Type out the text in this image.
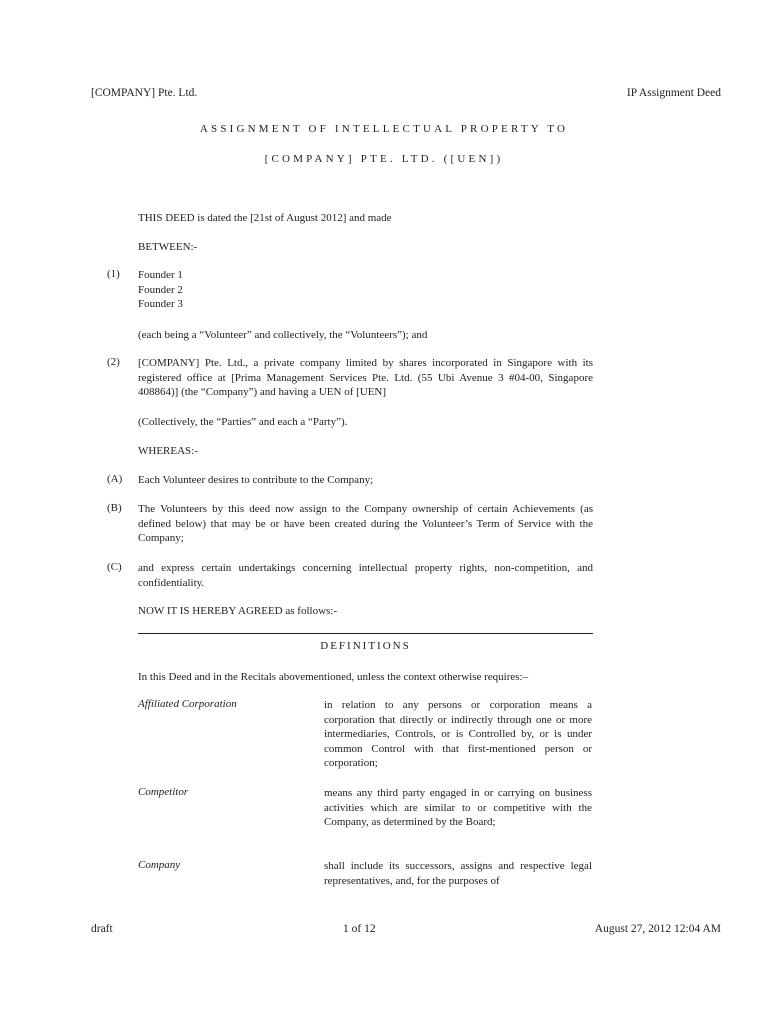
[COMPANY] Pte. Ltd.	IP Assignment Deed
ASSIGNMENT OF INTELLECTUAL PROPERTY TO
[COMPANY] PTE. LTD. ([UEN])
THIS DEED is dated the [21st of August 2012] and made
BETWEEN:-
(1) Founder 1
Founder 2
Founder 3
(each being a “Volunteer” and collectively, the “Volunteers”); and
(2) [COMPANY] Pte. Ltd., a private company limited by shares incorporated in Singapore with its registered office at [Prima Management Services Pte. Ltd. (55 Ubi Avenue 3 #04-00, Singapore 408864)] (the “Company”) and having a UEN of [UEN]
(Collectively, the “Parties” and each a “Party”).
WHEREAS:-
(A) Each Volunteer desires to contribute to the Company;
(B) The Volunteers by this deed now assign to the Company ownership of certain Achievements (as defined below) that may be or have been created during the Volunteer’s Term of Service with the Company;
(C) and express certain undertakings concerning intellectual property rights, non-competition, and confidentiality.
NOW IT IS HEREBY AGREED as follows:-
DEFINITIONS
In this Deed and in the Recitals abovementioned, unless the context otherwise requires:–
Affiliated Corporation	in relation to any persons or corporation means a corporation that directly or indirectly through one or more intermediaries, Controls, or is Controlled by, or is under common Control with that first-mentioned person or corporation;
Competitor	means any third party engaged in or carrying on business activities which are similar to or competitive with the Company, as determined by the Board;
Company	shall include its successors, assigns and respective legal representatives, and, for the purposes of
draft	1 of 12	August 27, 2012 12:04 AM
